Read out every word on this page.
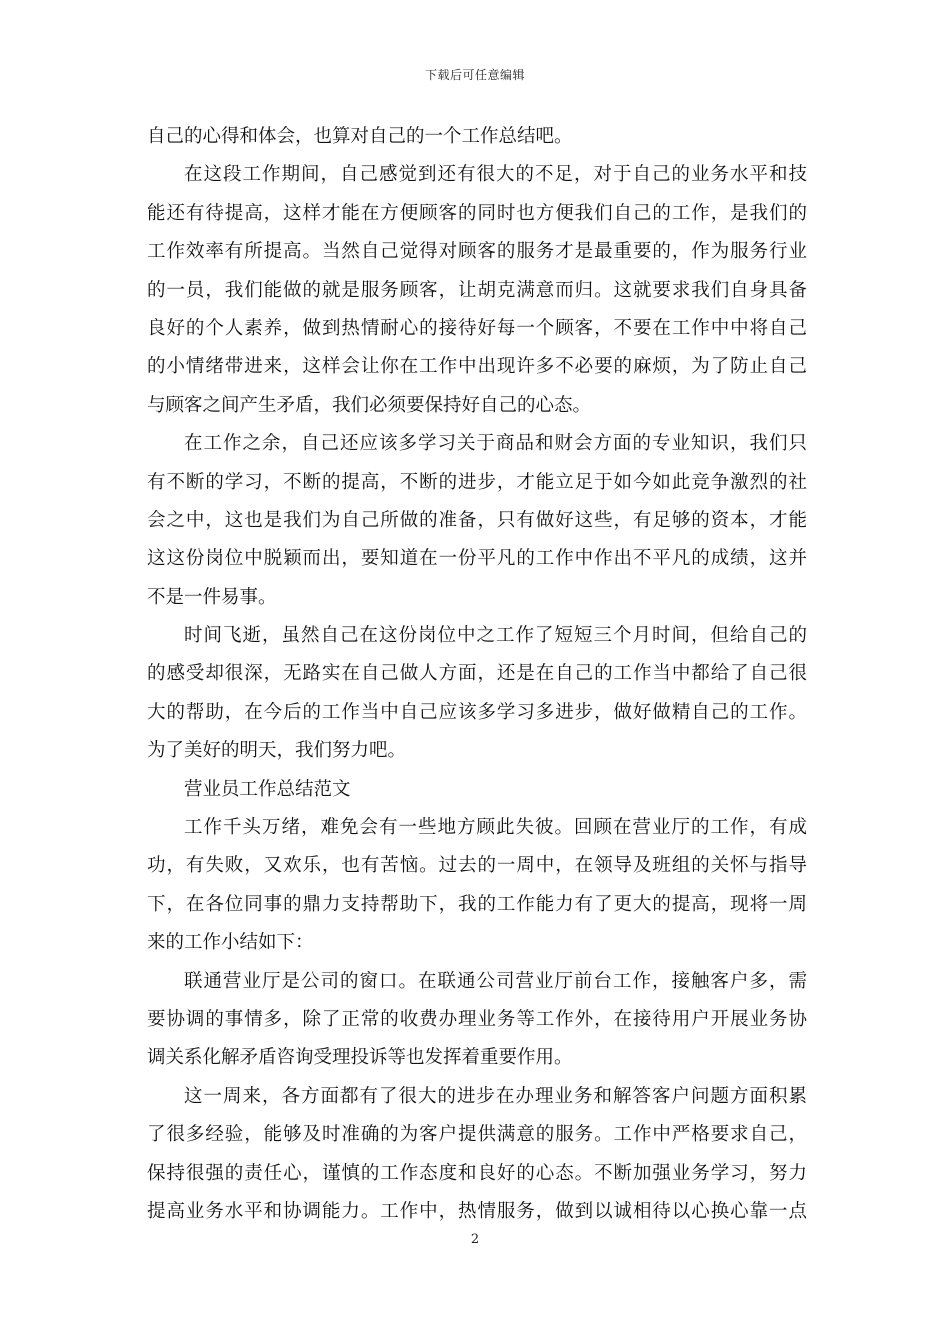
下载后可任意编辑
自己的心得和体会，也算对自己的一个工作总结吧。
在这段工作期间，自己感觉到还有很大的不足，对于自己的业务水平和技
能还有待提高，这样才能在方便顾客的同时也方便我们自己的工作，是我们的
工作效率有所提高。当然自己觉得对顾客的服务才是最重要的，作为服务行业
的一员，我们能做的就是服务顾客，让胡克满意而归。这就要求我们自身具备
良好的个人素养，做到热情耐心的接待好每一个顾客，不要在工作中中将自己
的小情绪带进来，这样会让你在工作中出现许多不必要的麻烦，为了防止自己
与顾客之间产生矛盾，我们必须要保持好自己的心态。
在工作之余，自己还应该多学习关于商品和财会方面的专业知识，我们只
有不断的学习，不断的提高，不断的进步，才能立足于如今如此竞争激烈的社
会之中，这也是我们为自己所做的准备，只有做好这些，有足够的资本，才能
这这份岗位中脱颖而出，要知道在一份平凡的工作中作出不平凡的成绩，这并
不是一件易事。
时间飞逝，虽然自己在这份岗位中之工作了短短三个月时间，但给自己的
的感受却很深，无路实在自己做人方面，还是在自己的工作当中都给了自己很
大的帮助，在今后的工作当中自己应该多学习多进步，做好做精自己的工作。
为了美好的明天，我们努力吧。
营业员工作总结范文
工作千头万绪，难免会有一些地方顾此失彼。回顾在营业厅的工作，有成
功，有失败，又欢乐，也有苦恼。过去的一周中，在领导及班组的关怀与指导
下，在各位同事的鼎力支持帮助下，我的工作能力有了更大的提高，现将一周
来的工作小结如下：
联通营业厅是公司的窗口。在联通公司营业厅前台工作，接触客户多，需
要协调的事情多，除了正常的收费办理业务等工作外，在接待用户开展业务协
调关系化解矛盾咨询受理投诉等也发挥着重要作用。
这一周来，各方面都有了很大的进步在办理业务和解答客户问题方面积累
了很多经验，能够及时准确的为客户提供满意的服务。工作中严格要求自己，
保持很强的责任心，谨慎的工作态度和良好的心态。不断加强业务学习，努力
提高业务水平和协调能力。工作中，热情服务，做到以诚相待以心换心靠一点
2
